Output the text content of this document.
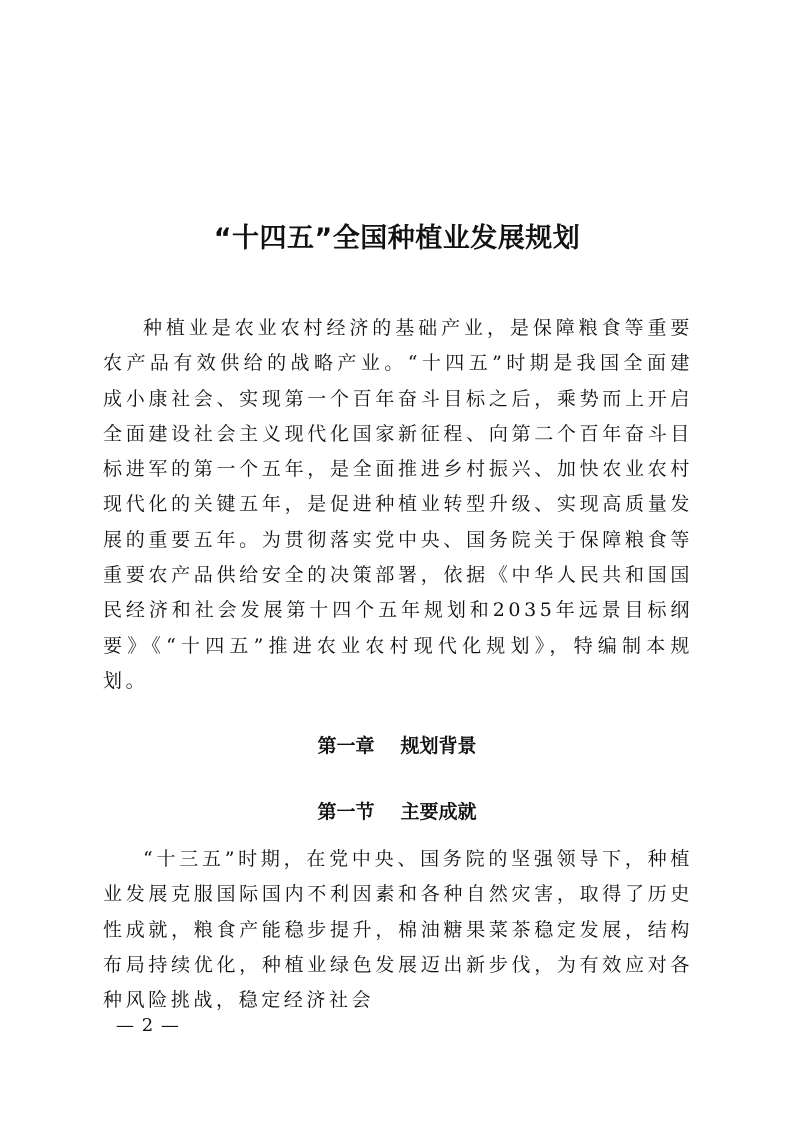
“十四五”全国种植业发展规划

种植业是农业农村经济的基础产业，是保障粮食等重要农产品有效供给的战略产业。“十四五”时期是我国全面建成小康社会、实现第一个百年奋斗目标之后，乘势而上开启全面建设社会主义现代化国家新征程、向第二个百年奋斗目标进军的第一个五年，是全面推进乡村振兴、加快农业农村现代化的关键五年，是促进种植业转型升级、实现高质量发展的重要五年。为贯彻落实党中央、国务院关于保障粮食等重要农产品供给安全的决策部署，依据《中华人民共和国国民经济和社会发展第十四个五年规划和2035年远景目标纲要》《“十四五”推进农业农村现代化规划》，特编制本规划。

第一章 规划背景
第一节 主要成就

“十三五”时期，在党中央、国务院的坚强领导下，种植业发展克服国际国内不利因素和各种自然灾害，取得了历史性成就，粮食产能稳步提升，棉油糖果菜茶稳定发展，结构布局持续优化，种植业绿色发展迈出新步伐，为有效应对各种风险挑战，稳定经济社会

— 2 —
